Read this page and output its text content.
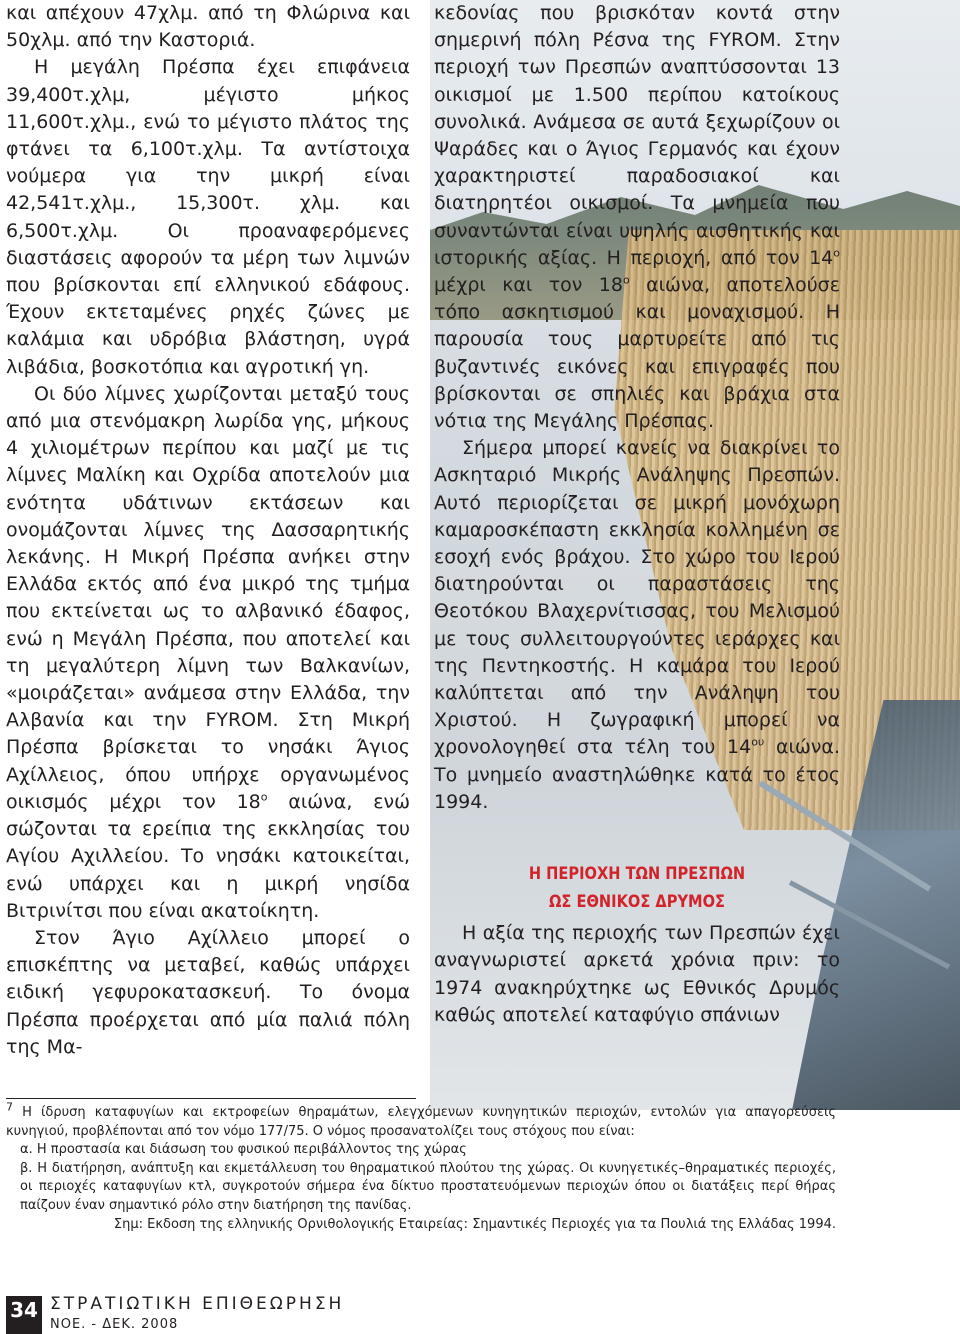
και απέχουν 47χλμ. από τη Φλώρινα και 50χλμ. από την Καστοριά.

Η μεγάλη Πρέσπα έχει επιφάνεια 39,400τ.χλμ, μέγιστο μήκος 11,600τ.χλμ., ενώ το μέγιστο πλάτος της φτάνει τα 6,100τ.χλμ. Τα αντίστοιχα νούμερα για την μικρή είναι 42,541τ.χλμ., 15,300τ. χλμ. και 6,500τ.χλμ. Οι προαναφερόμενες διαστάσεις αφορούν τα μέρη των λιμνών που βρίσκονται επί ελληνικού εδάφους. Έχουν εκτεταμένες ρηχές ζώνες με καλάμια και υδρόβια βλάστηση, υγρά λιβάδια, βοσκοτόπια και αγροτική γη.

Οι δύο λίμνες χωρίζονται μεταξύ τους από μια στενόμακρη λωρίδα γης, μήκους 4 χιλιομέτρων περίπου και μαζί με τις λίμνες Μαλίκη και Οχρίδα αποτελούν μια ενότητα υδάτινων εκτάσεων και ονομάζονται λίμνες της Δασσαρητικής λεκάνης. Η Μικρή Πρέσπα ανήκει στην Ελλάδα εκτός από ένα μικρό της τμήμα που εκτείνεται ως το αλβανικό έδαφος, ενώ η Μεγάλη Πρέσπα, που αποτελεί και τη μεγαλύτερη λίμνη των Βαλκανίων, «μοιράζεται» ανάμεσα στην Ελλάδα, την Αλβανία και την FYROM. Στη Μικρή Πρέσπα βρίσκεται το νησάκι Άγιος Αχίλλειος, όπου υπήρχε οργανωμένος οικισμός μέχρι τον $18^o$ αιώνα, ενώ σώζονται τα ερείπια της εκκλησίας του Αγίου Αχιλλείου. Το νησάκι κατοικείται, ενώ υπάρχει και η μικρή νησίδα Βιτρινίτσι που είναι ακατοίκητη.

Στον Άγιο Αχίλλειο μπορεί ο επισκέπτης να μεταβεί, καθώς υπάρχει ειδική γεφυροκατασκευή. Το όνομα Πρέσπα προέρχεται από μία παλιά πόλη της Μα-

κεδονίας που βρισκόταν κοντά στην σημερινή πόλη Ρέσνα της FYROM. Στην περιοχή των Πρεσπών αναπτύσσονται 13 οικισμοί με 1.500 περίπου κατοίκους συνολικά. Ανάμεσα σε αυτά ξεχωρίζουν οι Ψαράδες και ο Άγιος Γερμανός και έχουν χαρακτηριστεί παραδοσιακοί και διατηρητέοι οικισμοί. Τα μνημεία που συναντώνται είναι υψηλής αισθητικής και ιστορικής αξίας. Η περιοχή, από τον $14^o$ μέχρι και τον $18^o$ αιώνα, αποτελούσε τόπο ασκητισμού και μοναχισμού. Η παρουσία τους μαρτυρείτε από τις βυζαντινές εικόνες και επιγραφές που βρίσκονται σε σπηλιές και βράχια στα νότια της Μεγάλης Πρέσπας.

Σήμερα μπορεί κανείς να διακρίνει το Ασκηταριό Μικρής Ανάληψης Πρεσπών. Αυτό περιορίζεται σε μικρή μονόχωρη καμαροσκέπαστη εκκλησία κολλημένη σε εσοχή ενός βράχου. Στο χώρο του Ιερού διατηρούνται οι παραστάσεις της Θεοτόκου Βλαχερνίτισσας, του Μελισμού με τους συλλειτουργούντες ιεράρχες και της Πεντηκοστής. Η καμάρα του Ιερού καλύπτεται από την Ανάληψη του Χριστού. Η ζωγραφική μπορεί να χρονολογηθεί στα τέλη του $14^{o\upsilon}$ αιώνα. Το μνημείο αναστηλώθηκε κατά το έτος 1994.

Η ΠΕΡΙΟΧΗ ΤΩΝ ΠΡΕΣΠΩΝ
ΩΣ ΕΘΝΙΚΟΣ ΔΡΥΜΟΣ

Η αξία της περιοχής των Πρεσπών έχει αναγνωριστεί αρκετά χρόνια πριν: το 1974 ανακηρύχτηκε ως Εθνικός Δρυμός καθώς αποτελεί καταφύγιο σπάνιων

$^7$ Η ίδρυση καταφυγίων και εκτροφείων θηραμάτων, ελεγχόμενων κυνηγητικών περιοχών, εντολών για απαγορεύσεις κυνηγιού, προβλέπονται από τον νόμο 177/75. Ο νόμος προσανατολίζει τους στόχους που είναι:

α. Η προστασία και διάσωση του φυσικού περιβάλλοντος της χώρας

β. Η διατήρηση, ανάπτυξη και εκμετάλλευση του θηραματικού πλούτου της χώρας. Οι κυνηγετικές–θηραματικές περιοχές, οι περιοχές καταφυγίων κτλ, συγκροτούν σήμερα ένα δίκτυο προστατευόμενων περιοχών όπου οι διατάξεις περί θήρας παίζουν έναν σημαντικό ρόλο στην διατήρηση της πανίδας.

Σημ: Εκδοση της ελληνικής Ορνιθολογικής Εταιρείας: Σημαντικές Περιοχές για τα Πουλιά της Ελλάδας 1994.

34 ΣΤΡΑΤΙΩΤΙΚΗ ΕΠΙΘΕΩΡΗΣΗ
ΝΟΕ. - ΔΕΚ. 2008
